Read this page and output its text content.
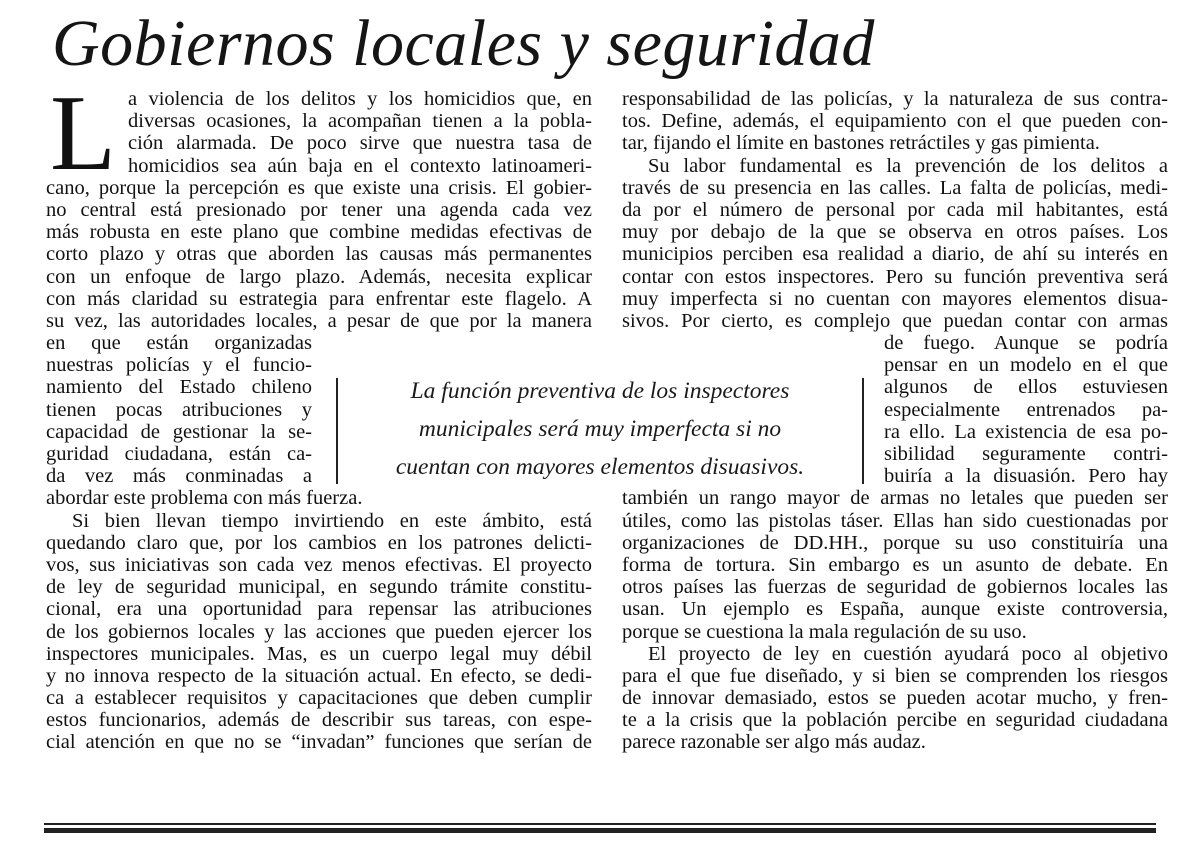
Gobiernos locales y seguridad
L a violencia de los delitos y los homicidios que, en
diversas ocasiones, la acompañan tienen a la pobla-
ción alarmada. De poco sirve que nuestra tasa de
homicidios sea aún baja en el contexto latinoameri-
cano, porque la percepción es que existe una crisis. El gobier-
no central está presionado por tener una agenda cada vez
más robusta en este plano que combine medidas efectivas de
corto plazo y otras que aborden las causas más permanentes
con un enfoque de largo plazo. Además, necesita explicar
con más claridad su estrategia para enfrentar este flagelo. A
su vez, las autoridades locales, a pesar de que por la manera
en que están organizadas
nuestras policías y el funcio-
namiento del Estado chileno
tienen pocas atribuciones y
capacidad de gestionar la se-
guridad ciudadana, están ca-
da vez más conminadas a
abordar este problema con más fuerza.
Si bien llevan tiempo invirtiendo en este ámbito, está
quedando claro que, por los cambios en los patrones delicti-
vos, sus iniciativas son cada vez menos efectivas. El proyecto
de ley de seguridad municipal, en segundo trámite constitu-
cional, era una oportunidad para repensar las atribuciones
de los gobiernos locales y las acciones que pueden ejercer los
inspectores municipales. Mas, es un cuerpo legal muy débil
y no innova respecto de la situación actual. En efecto, se dedi-
ca a establecer requisitos y capacitaciones que deben cumplir
estos funcionarios, además de describir sus tareas, con espe-
cial atención en que no se “invadan” funciones que serían de
responsabilidad de las policías, y la naturaleza de sus contra-
tos. Define, además, el equipamiento con el que pueden con-
tar, fijando el límite en bastones retráctiles y gas pimienta.
Su labor fundamental es la prevención de los delitos a
través de su presencia en las calles. La falta de policías, medi-
da por el número de personal por cada mil habitantes, está
muy por debajo de la que se observa en otros países. Los
municipios perciben esa realidad a diario, de ahí su interés en
contar con estos inspectores. Pero su función preventiva será
muy imperfecta si no cuentan con mayores elementos disua-
sivos. Por cierto, es complejo que puedan contar con armas
de fuego. Aunque se podría
pensar en un modelo en el que
algunos de ellos estuviesen
especialmente entrenados pa-
ra ello. La existencia de esa po-
sibilidad seguramente contri-
buiría a la disuasión. Pero hay
también un rango mayor de armas no letales que pueden ser
útiles, como las pistolas táser. Ellas han sido cuestionadas por
organizaciones de DD.HH., porque su uso constituiría una
forma de tortura. Sin embargo es un asunto de debate. En
otros países las fuerzas de seguridad de gobiernos locales las
usan. Un ejemplo es España, aunque existe controversia,
porque se cuestiona la mala regulación de su uso.
El proyecto de ley en cuestión ayudará poco al objetivo
para el que fue diseñado, y si bien se comprenden los riesgos
de innovar demasiado, estos se pueden acotar mucho, y fren-
te a la crisis que la población percibe en seguridad ciudadana
parece razonable ser algo más audaz.
La función preventiva de los inspectores
municipales será muy imperfecta si no
cuentan con mayores elementos disuasivos.
